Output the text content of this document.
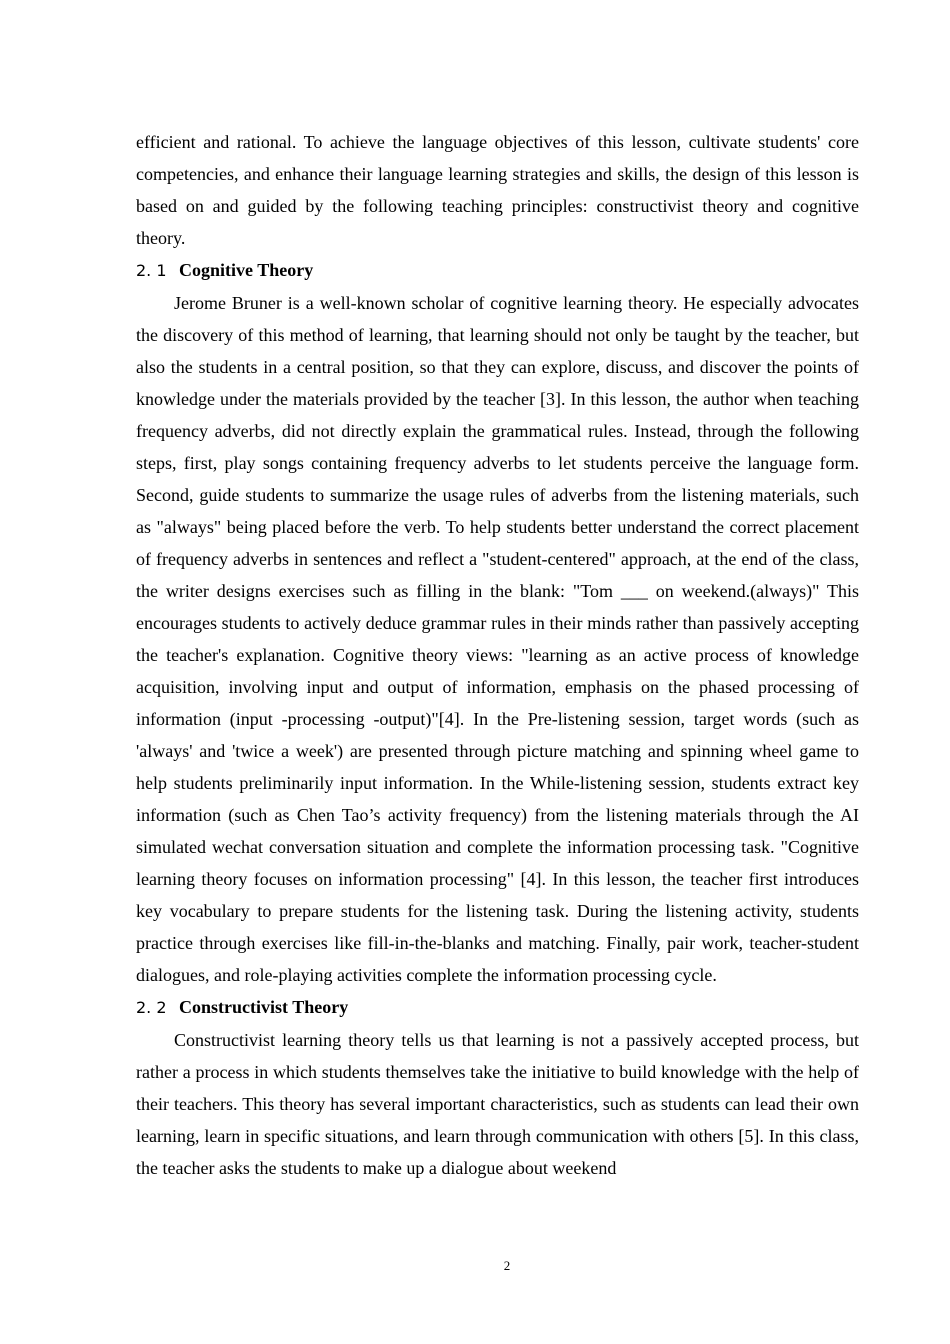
efficient and rational. To achieve the language objectives of this lesson, cultivate students' core competencies, and enhance their language learning strategies and skills, the design of this lesson is based on and guided by the following teaching principles: constructivist theory and cognitive theory.

2. 1 Cognitive Theory

Jerome Bruner is a well-known scholar of cognitive learning theory. He especially advocates the discovery of this method of learning, that learning should not only be taught by the teacher, but also the students in a central position, so that they can explore, discuss, and discover the points of knowledge under the materials provided by the teacher [3]. In this lesson, the author when teaching frequency adverbs, did not directly explain the grammatical rules. Instead, through the following steps, first, play songs containing frequency adverbs to let students perceive the language form. Second, guide students to summarize the usage rules of adverbs from the listening materials, such as "always" being placed before the verb. To help students better understand the correct placement of frequency adverbs in sentences and reflect a "student-centered" approach, at the end of the class, the writer designs exercises such as filling in the blank: "Tom ___ on weekend.(always)" This encourages students to actively deduce grammar rules in their minds rather than passively accepting the teacher's explanation. Cognitive theory views: "learning as an active process of knowledge acquisition, involving input and output of information, emphasis on the phased processing of information (input -processing -output)"[4]. In the Pre-listening session, target words (such as 'always' and 'twice a week') are presented through picture matching and spinning wheel game to help students preliminarily input information. In the While-listening session, students extract key information (such as Chen Tao’s activity frequency) from the listening materials through the AI simulated wechat conversation situation and complete the information processing task. "Cognitive learning theory focuses on information processing" [4]. In this lesson, the teacher first introduces key vocabulary to prepare students for the listening task. During the listening activity, students practice through exercises like fill-in-the-blanks and matching. Finally, pair work, teacher-student dialogues, and role-playing activities complete the information processing cycle.

2. 2 Constructivist Theory

Constructivist learning theory tells us that learning is not a passively accepted process, but rather a process in which students themselves take the initiative to build knowledge with the help of their teachers. This theory has several important characteristics, such as students can lead their own learning, learn in specific situations, and learn through communication with others [5]. In this class, the teacher asks the students to make up a dialogue about weekend

2
